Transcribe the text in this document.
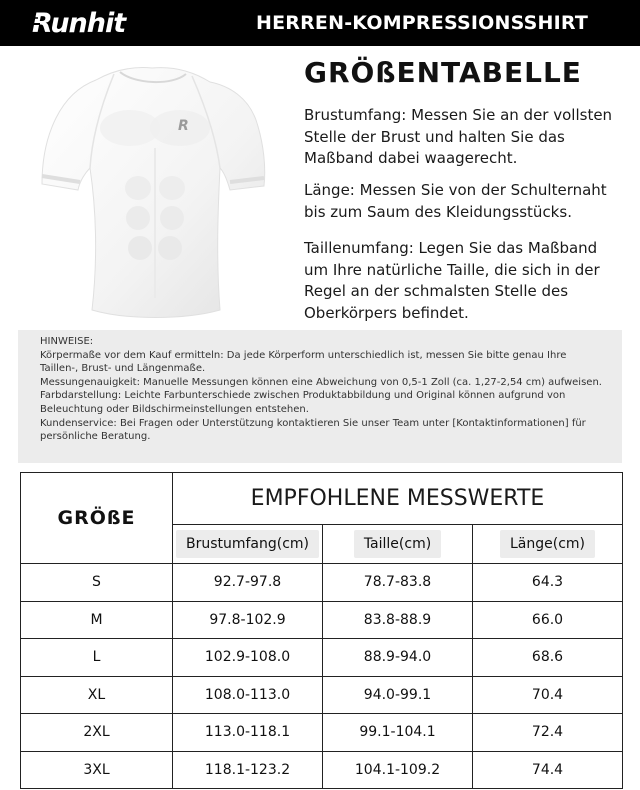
Runhit	HERREN-KOMPRESSIONSSHIRT
R
GRÖßENTABELLE
Brustumfang: Messen Sie an der vollsten Stelle der Brust und halten Sie das Maßband dabei waagerecht.
Länge: Messen Sie von der Schulternaht bis zum Saum des Kleidungsstücks.
Taillenumfang: Legen Sie das Maßband um Ihre natürliche Taille, die sich in der Regel an der schmalsten Stelle des Oberkörpers befindet.
HINWEISE:
Körpermaße vor dem Kauf ermitteln: Da jede Körperform unterschiedlich ist, messen Sie bitte genau Ihre Taillen-, Brust- und Längenmaße.
Messungenauigkeit: Manuelle Messungen können eine Abweichung von 0,5-1 Zoll (ca. 1,27-2,54 cm) aufweisen.
Farbdarstellung: Leichte Farbunterschiede zwischen Produktabbildung und Original können aufgrund von Beleuchtung oder Bildschirmeinstellungen entstehen.
Kundenservice: Bei Fragen oder Unterstützung kontaktieren Sie unser Team unter [Kontaktinformationen] für persönliche Beratung.
GRÖßE	EMPFOHLENE MESSWERTE		
	Brustumfang(cm)	Taille(cm)	Länge(cm)
S	92.7-97.8	78.7-83.8	64.3
M	97.8-102.9	83.8-88.9	66.0
L	102.9-108.0	88.9-94.0	68.6
XL	108.0-113.0	94.0-99.1	70.4
2XL	113.0-118.1	99.1-104.1	72.4
3XL	118.1-123.2	104.1-109.2	74.4
